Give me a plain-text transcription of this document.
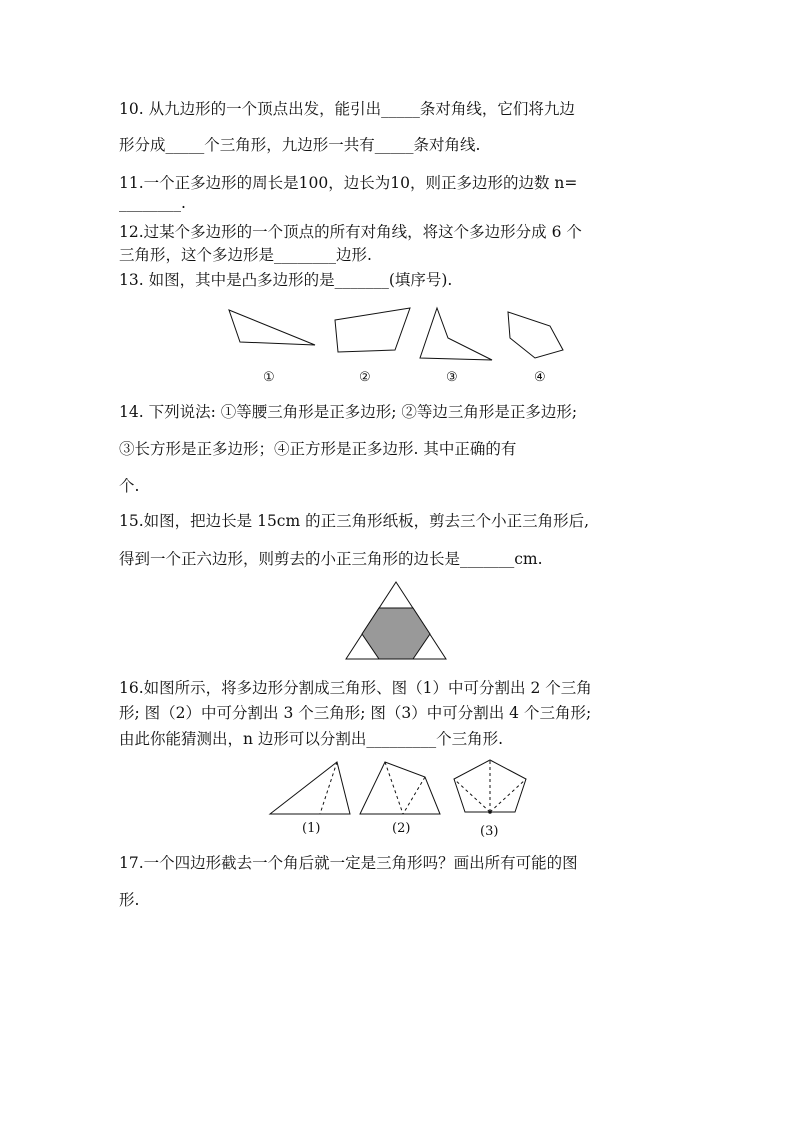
10. 从九边形的一个顶点出发，能引出_____条对角线，它们将九边
形分成_____个三角形，九边形一共有_____条对角线.
11.一个正多边形的周长是100，边长为10，则正多边形的边数 n=
________.
12.过某个多边形的一个顶点的所有对角线，将这个多边形分成 6 个
三角形，这个多边形是________边形.
13. 如图，其中是凸多边形的是_______(填序号).
①	②	③	④
14. 下列说法: ①等腰三角形是正多边形; ②等边三角形是正多边形;
③长方形是正多边形；④正方形是正多边形. 其中正确的有
个.
15.如图，把边长是 15cm 的正三角形纸板，剪去三个小正三角形后,
得到一个正六边形，则剪去的小正三角形的边长是_______cm.
16.如图所示，将多边形分割成三角形、图（1）中可分割出 2 个三角
形; 图（2）中可分割出 3 个三角形; 图（3）中可分割出 4 个三角形;
由此你能猜测出，n 边形可以分割出_________个三角形.
(1)	(2)	(3)
17.一个四边形截去一个角后就一定是三角形吗？画出所有可能的图
形.
